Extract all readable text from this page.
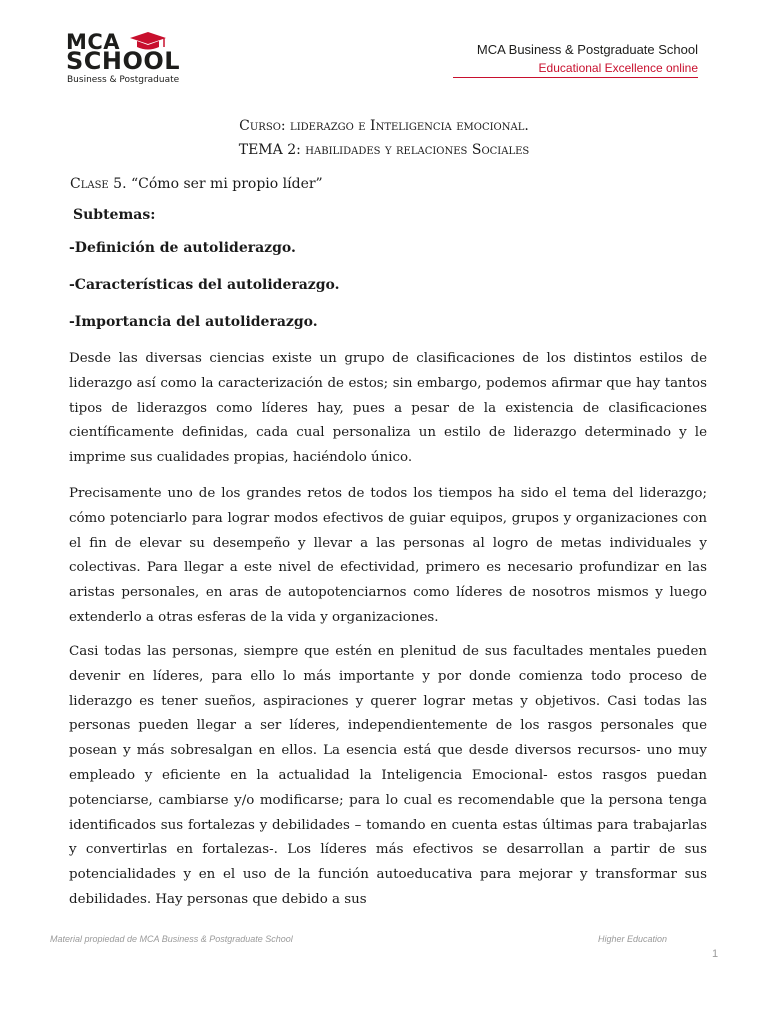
MCA
SCHOOL
Business & Postgraduate
MCA Business & Postgraduate School
Educational Excellence online
Curso: liderazgo e Inteligencia emocional.
TEMA 2: habilidades y relaciones Sociales
Clase 5. “Cómo ser mi propio líder”
Subtemas:
-Definición de autoliderazgo.
-Características del autoliderazgo.
-Importancia del autoliderazgo.

Desde las diversas ciencias existe un grupo de clasificaciones de los distintos estilos de liderazgo así como la caracterización de estos; sin embargo, podemos afirmar que hay tantos tipos de liderazgos como líderes hay, pues a pesar de la existencia de clasificaciones científicamente definidas, cada cual personaliza un estilo de liderazgo determinado y le imprime sus cualidades propias, haciéndolo único.

Precisamente uno de los grandes retos de todos los tiempos ha sido el tema del liderazgo; cómo potenciarlo para lograr modos efectivos de guiar equipos, grupos y organizaciones con el fin de elevar su desempeño y llevar a las personas al logro de metas individuales y colectivas. Para llegar a este nivel de efectividad, primero es necesario profundizar en las aristas personales, en aras de autopotenciarnos como líderes de nosotros mismos y luego extenderlo a otras esferas de la vida y organizaciones.

Casi todas las personas, siempre que estén en plenitud de sus facultades mentales pueden devenir en líderes, para ello lo más importante y por donde comienza todo proceso de liderazgo es tener sueños, aspiraciones y querer lograr metas y objetivos. Casi todas las personas pueden llegar a ser líderes, independientemente de los rasgos personales que posean y más sobresalgan en ellos. La esencia está que desde diversos recursos- uno muy empleado y eficiente en la actualidad la Inteligencia Emocional- estos rasgos puedan potenciarse, cambiarse y/o modificarse; para lo cual es recomendable que la persona tenga identificados sus fortalezas y debilidades – tomando en cuenta estas últimas para trabajarlas y convertirlas en fortalezas-. Los líderes más efectivos se desarrollan a partir de sus potencialidades y en el uso de la función autoeducativa para mejorar y transformar sus debilidades. Hay personas que debido a sus

Material propiedad de MCA Business & Postgraduate School	Higher Education
1
